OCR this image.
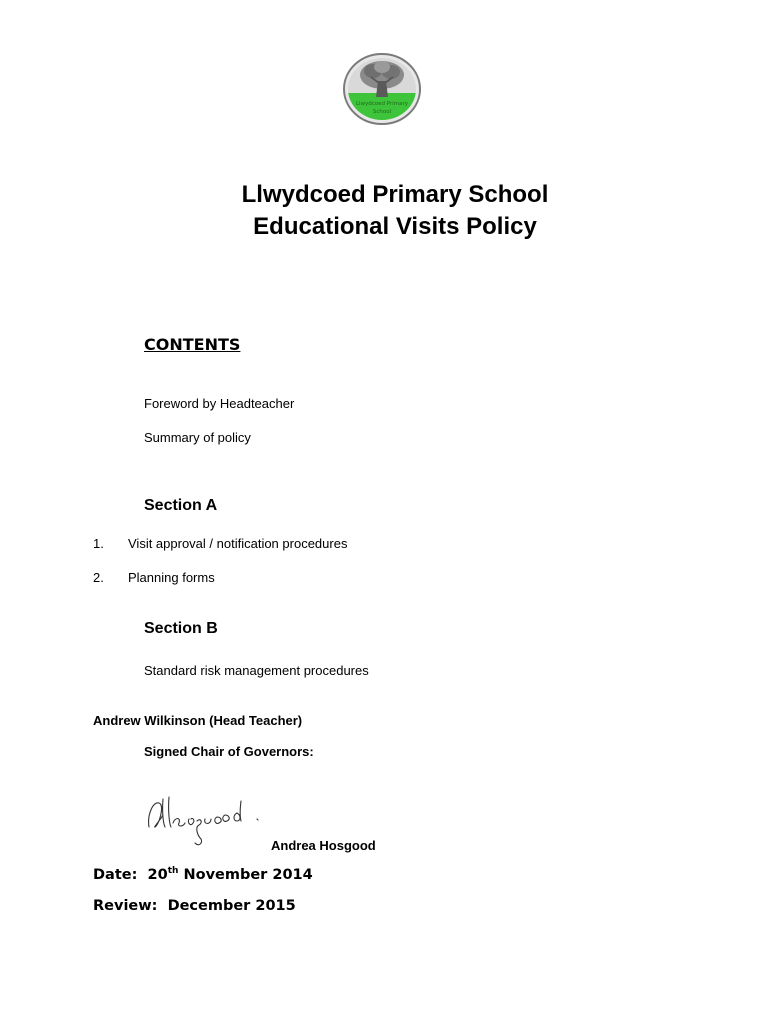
Llwydcoed Primary
School
Llwydcoed Primary School
Educational Visits Policy
CONTENTS
Foreword by Headteacher
Summary of policy
Section A
1. Visit approval / notification procedures
2. Planning forms
Section B
Standard risk management procedures
Andrew Wilkinson (Head Teacher)
Signed Chair of Governors:
Andrea Hosgood
Date: 20th November 2014
Review: December 2015
